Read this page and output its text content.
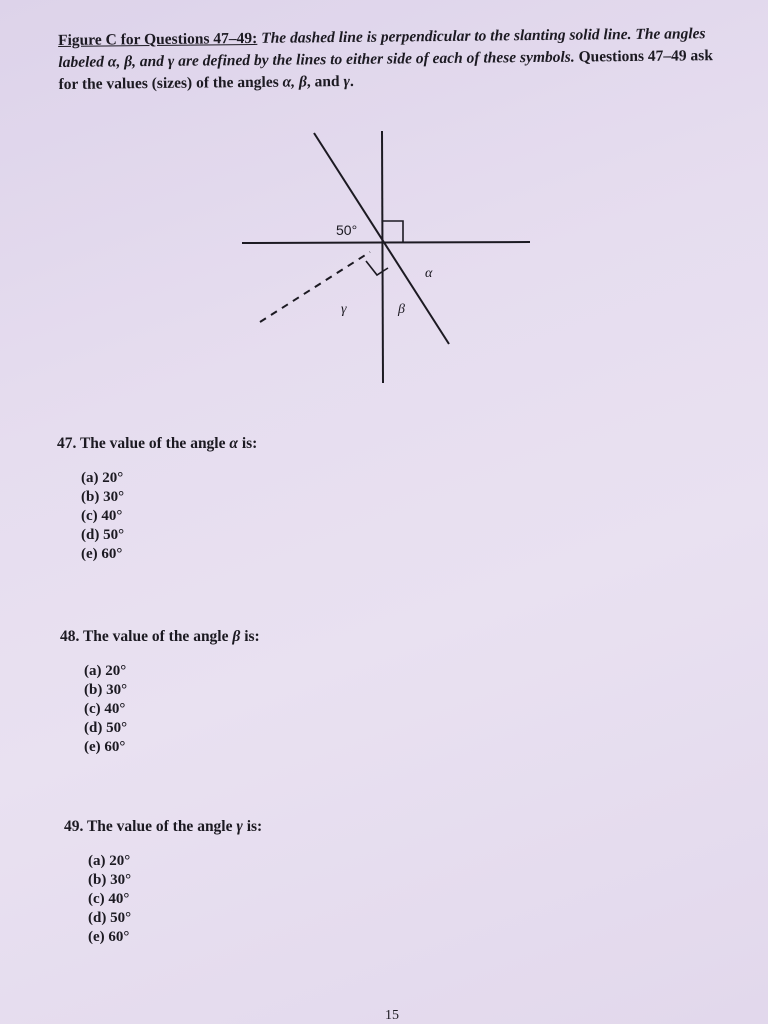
Figure C for Questions 47–49: The dashed line is perpendicular to the slanting solid line. The angles labeled α, β, and γ are defined by the lines to either side of each of these symbols. Questions 47–49 ask for the values (sizes) of the angles α, β, and γ.
50°
α
β
γ
47. The value of the angle α is:
(a) 20°
(b) 30°
(c) 40°
(d) 50°
(e) 60°
48. The value of the angle β is:
(a) 20°
(b) 30°
(c) 40°
(d) 50°
(e) 60°
49. The value of the angle γ is:
(a) 20°
(b) 30°
(c) 40°
(d) 50°
(e) 60°
15
